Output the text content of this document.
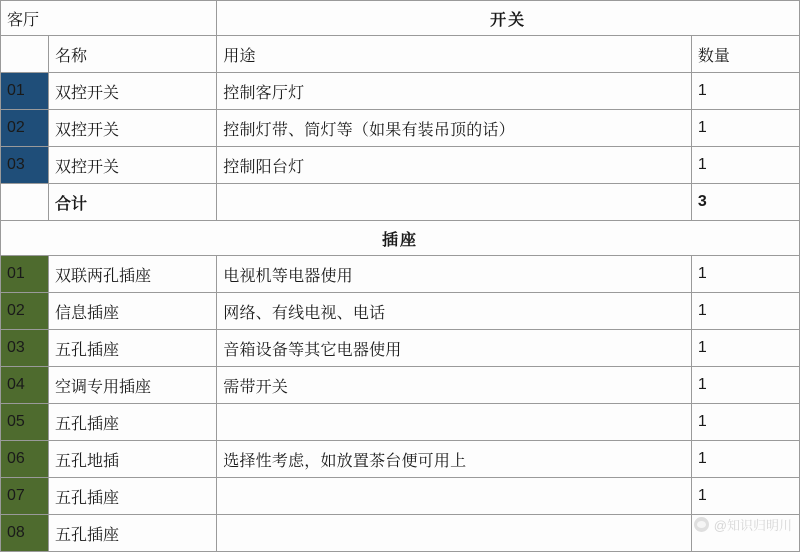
客厅		开关	
	名称	用途	数量
01	双控开关	控制客厅灯	1
02	双控开关	控制灯带、筒灯等（如果有装吊顶的话）	1
03	双控开关	控制阳台灯	1
	合计		3
插座			
01	双联两孔插座	电视机等电器使用	1
02	信息插座	网络、有线电视、电话	1
03	五孔插座	音箱设备等其它电器使用	1
04	空调专用插座	需带开关	1
05	五孔插座		1
06	五孔地插	选择性考虑，如放置茶台便可用上	1
07	五孔插座		1
08	五孔插座		
@知识归明川
